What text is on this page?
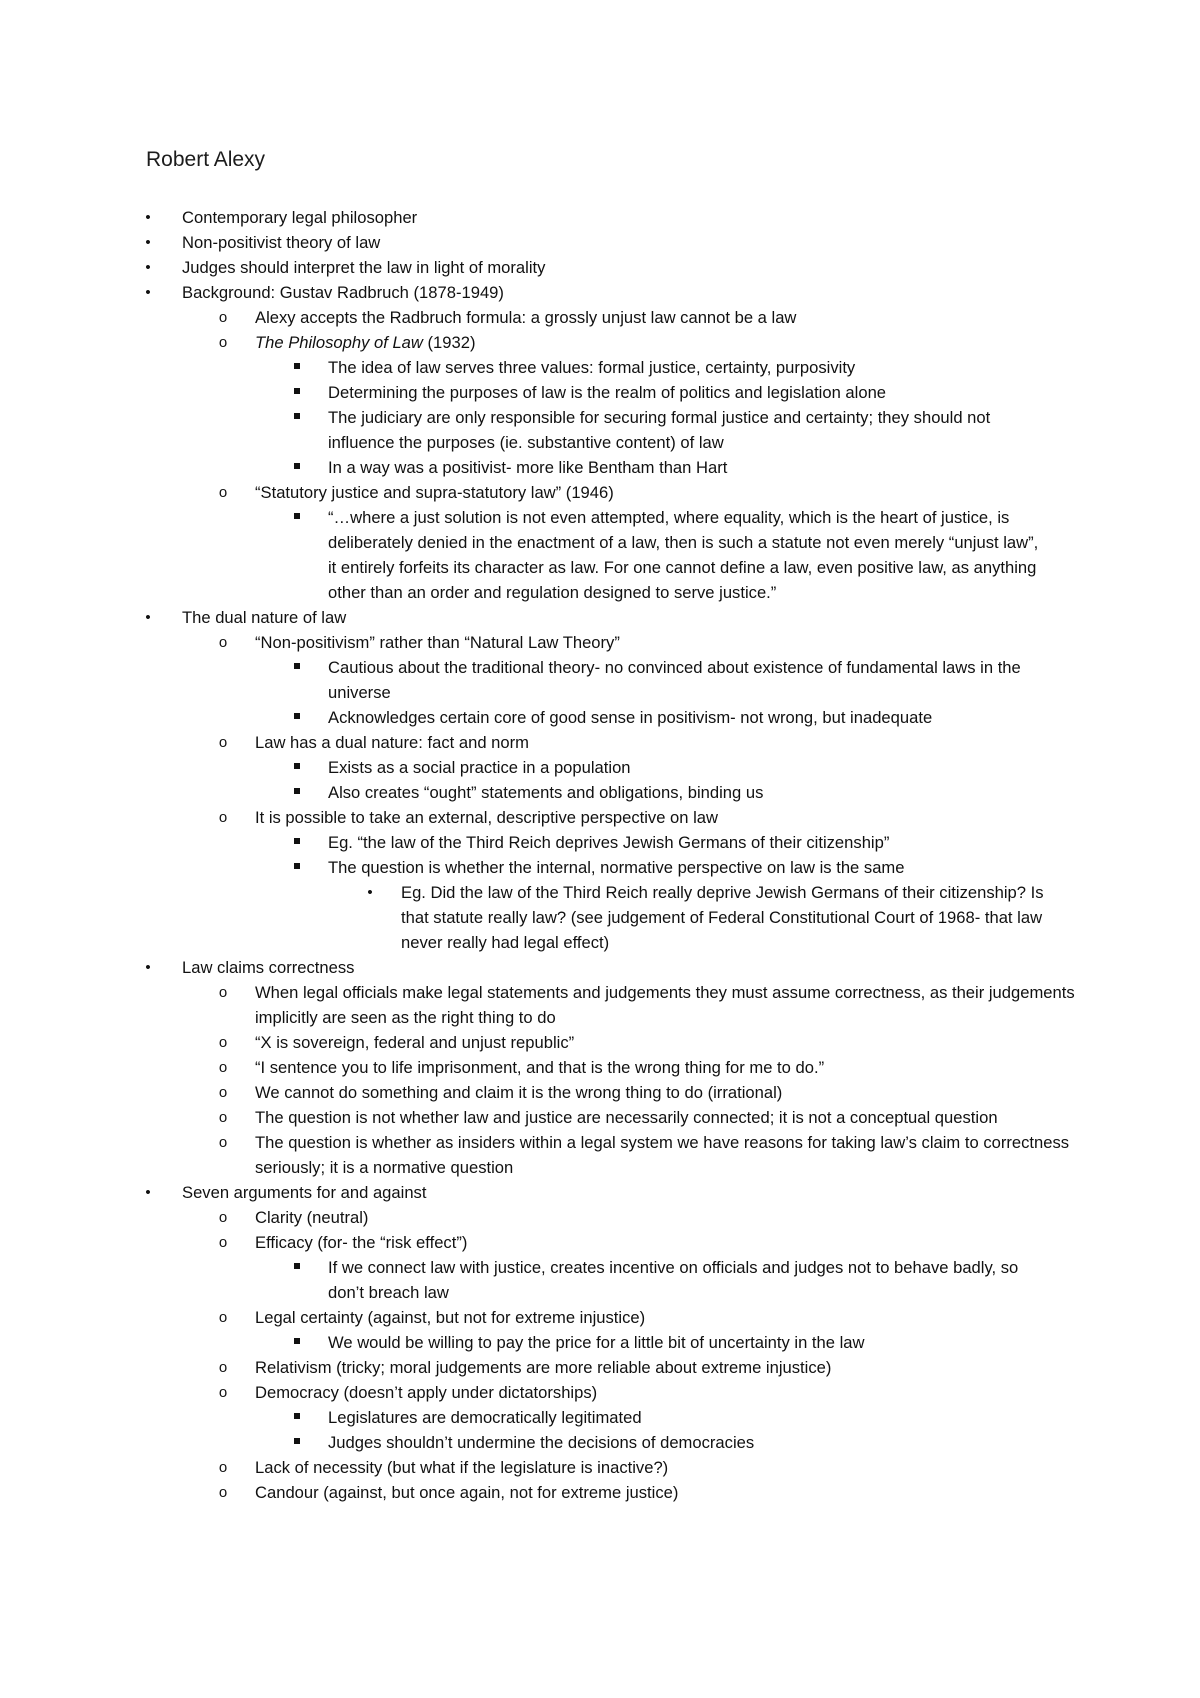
Robert Alexy
•	Contemporary legal philosopher
•	Non-positivist theory of law
•	Judges should interpret the law in light of morality
•	Background: Gustav Radbruch (1878-1949)
o	Alexy accepts the Radbruch formula: a grossly unjust law cannot be a law
o	The Philosophy of Law (1932)
The idea of law serves three values: formal justice, certainty, purposivity
Determining the purposes of law is the realm of politics and legislation alone
The judiciary are only responsible for securing formal justice and certainty; they should not influence the purposes (ie. substantive content) of law
In a way was a positivist- more like Bentham than Hart
o	“Statutory justice and supra-statutory law” (1946)
“…where a just solution is not even attempted, where equality, which is the heart of justice, is deliberately denied in the enactment of a law, then is such a statute not even merely “unjust law”, it entirely forfeits its character as law. For one cannot define a law, even positive law, as anything other than an order and regulation designed to serve justice.”
•	The dual nature of law
o	“Non-positivism” rather than “Natural Law Theory”
Cautious about the traditional theory- no convinced about existence of fundamental laws in the universe
Acknowledges certain core of good sense in positivism- not wrong, but inadequate
o	Law has a dual nature: fact and norm
Exists as a social practice in a population
Also creates “ought” statements and obligations, binding us
o	It is possible to take an external, descriptive perspective on law
Eg. “the law of the Third Reich deprives Jewish Germans of their citizenship”
The question is whether the internal, normative perspective on law is the same
•	Eg. Did the law of the Third Reich really deprive Jewish Germans of their citizenship? Is that statute really law? (see judgement of Federal Constitutional Court of 1968- that law never really had legal effect)
•	Law claims correctness
o	When legal officials make legal statements and judgements they must assume correctness, as their judgements implicitly are seen as the right thing to do
o	“X is sovereign, federal and unjust republic”
o	“I sentence you to life imprisonment, and that is the wrong thing for me to do.”
o	We cannot do something and claim it is the wrong thing to do (irrational)
o	The question is not whether law and justice are necessarily connected; it is not a conceptual question
o	The question is whether as insiders within a legal system we have reasons for taking law’s claim to correctness seriously; it is a normative question
•	Seven arguments for and against
o	Clarity (neutral)
o	Efficacy (for- the “risk effect”)
If we connect law with justice, creates incentive on officials and judges not to behave badly, so don’t breach law
o	Legal certainty (against, but not for extreme injustice)
We would be willing to pay the price for a little bit of uncertainty in the law
o	Relativism (tricky; moral judgements are more reliable about extreme injustice)
o	Democracy (doesn’t apply under dictatorships)
Legislatures are democratically legitimated
Judges shouldn’t undermine the decisions of democracies
o	Lack of necessity (but what if the legislature is inactive?)
o	Candour (against, but once again, not for extreme justice)
